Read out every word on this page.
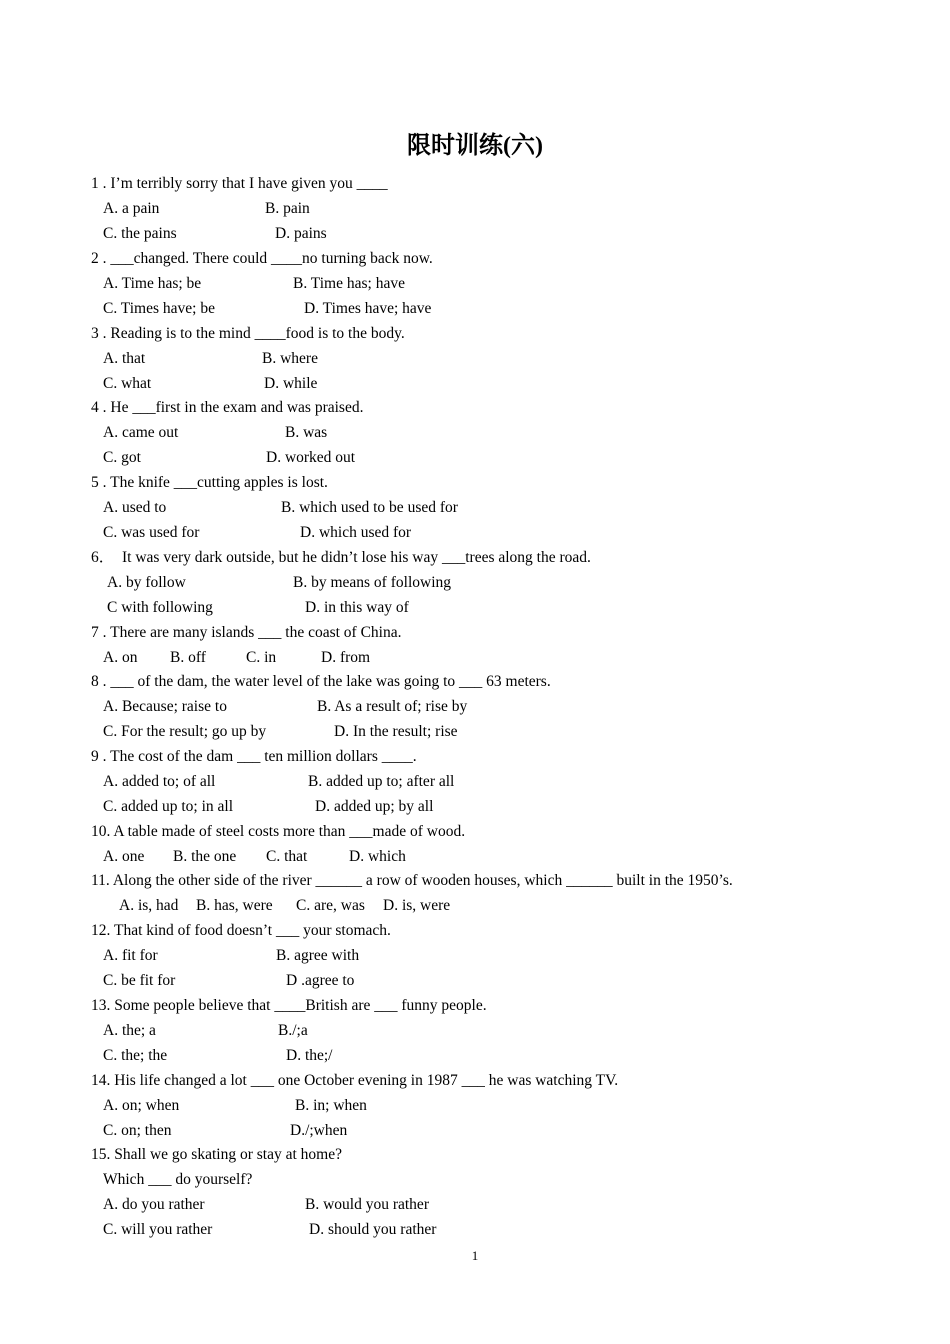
限时训练(六)
1 . I’m terribly sorry that I have given you ____
A. a pain	B. pain
C. the pains	D. pains
2 . ___changed. There could ____no turning back now.
A. Time has; be	B. Time has; have
C. Times have; be	D. Times have; have
3 . Reading is to the mind ____food is to the body.
A. that	B. where
C. what	D. while
4 . He ___first in the exam and was praised.
A. came out	B. was
C. got	D. worked out
5 . The knife ___cutting apples is lost.
A. used to	B. which used to be used for
C. was used for	D. which used for
6．  It was very dark outside, but he didn’t lose his way ___trees along the road.
A. by follow	B. by means of following
C with following	D. in this way of
7 . There are many islands ___ the coast of China.
A. on B. off	C. in	D. from
8 . ___ of the dam, the water level of the lake was going to ___ 63 meters.
A. Because; raise to	B. As a result of; rise by
C. For the result; go up by	D. In the result; rise
9 . The cost of the dam ___ ten million dollars ____.
A. added to; of all	B. added up to; after all
C. added up to; in all	D. added up; by all
10. A table made of steel costs more than ___made of wood.
A. one B. the one C. that	D. which
11. Along the other side of the river ______ a row of wooden houses, which ______ built in the 1950’s.
A. is, had B. has, were C. are, was D. is, were
12. That kind of food doesn’t ___ your stomach.
A. fit for	B. agree with
C. be fit for	D .agree to
13. Some people believe that ____British are ___ funny people.
A. the; a	B./;a
C. the; the	D. the;/
14. His life changed a lot ___ one October evening in 1987 ___ he was watching TV.
A. on; when	B. in; when
C. on; then	D./;when
15. Shall we go skating or stay at home?
Which ___ do yourself?
A. do you rather	B. would you rather
C. will you rather	D. should you rather
1
